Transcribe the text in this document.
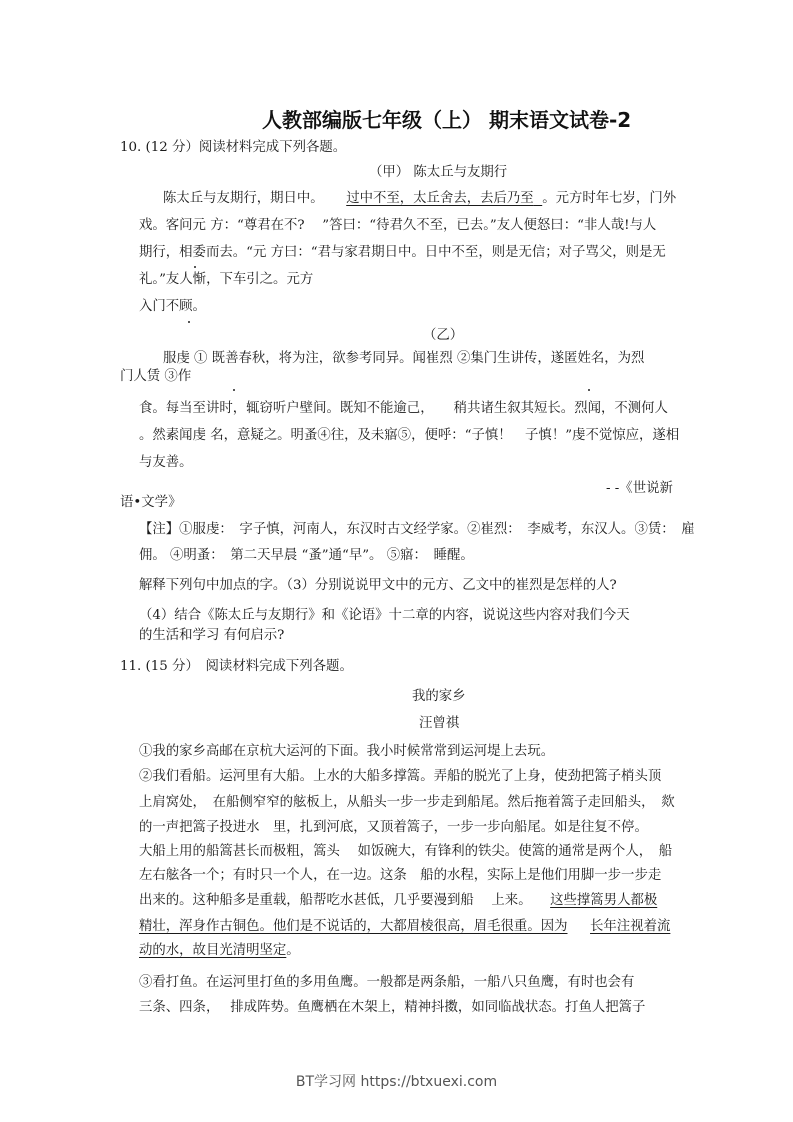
人教部编版七年级（上） 期末语文试卷-2
10. (12 分）阅读材料完成下列各题。
（甲） 陈太丘与友期行
陈太丘与友期行，期日中。 过中不至，太丘舍去，去后乃至 。元方时年七岁，门外
戏。客问元 方：“尊君在不?　 ”答曰：“待君久不至，已去。”友人便怒曰：“非人哉!与人
期行，相委而去。“元 方曰：“君与家君期日中。日中不至，则是无信；对子骂父，则是无
礼。”友人惭，下车引之。元方
入门不顾。
（乙）
服虔 ① 既善春秋，将为注，欲参考同异。闻崔烈 ②集门生讲传，遂匿姓名，为烈
门人赁 ③作
食。每当至讲时，辄窃听户壁间。既知不能逾己，　　稍共诸生叙其短长。烈闻，不测何人
。然素闻虔 名，意疑之。明蚤④往，及未寤⑤，便呼：“子慎！　子慎！”虔不觉惊应，遂相
与友善。
- -《世说新
语•文学》
【注】①服虔：　字子慎，河南人，东汉时古文经学家。②崔烈：　李威考，东汉人。③赁：　雇
佣。 ④明蚤：　第二天早晨 “蚤”通“早”。 ⑤寤：　睡醒。
解释下列句中加点的字。（3）分别说说甲文中的元方、乙文中的崔烈是怎样的人?
（4）结合《陈太丘与友期行》和《论语》十二章的内容，说说这些内容对我们今天
的生活和学习 有何启示?
11. (15 分）　阅读材料完成下列各题。
我的家乡
汪曾祺
①我的家乡高邮在京杭大运河的下面。我小时候常常到运河堤上去玩。
②我们看船。运河里有大船。上水的大船多撑篙。弄船的脱光了上身，使劲把篙子梢头顶
上肩窝处，　在船侧窄窄的舷板上，从船头一步一步走到船尾。然后拖着篙子走回船头，　欻
的一声把篙子投进水　里，扎到河底，又顶着篙子，一步一步向船尾。如是往复不停。
大船上用的船篙甚长而极粗，篙头　 如饭碗大，有锋利的铁尖。使篙的通常是两个人，　船
左右舷各一个；有时只一个人，在一边。这条　船的水程，实际上是他们用脚一步一步走
出来的。这种船多是重载，船帮吃水甚低，几乎要漫到船　 上来。 这些撑篙男人都极
精壮，浑身作古铜色。他们是不说话的，大都眉棱很高，眉毛很重。因为 长年注视着流
动的水，故目光清明坚定。
③看打鱼。在运河里打鱼的多用鱼鹰。一般都是两条船，一船八只鱼鹰，有时也会有
三条、四条，　 排成阵势。鱼鹰栖在木架上，精神抖擞，如同临战状态。打鱼人把篙子
BT学习网 https://btxuexi.com
